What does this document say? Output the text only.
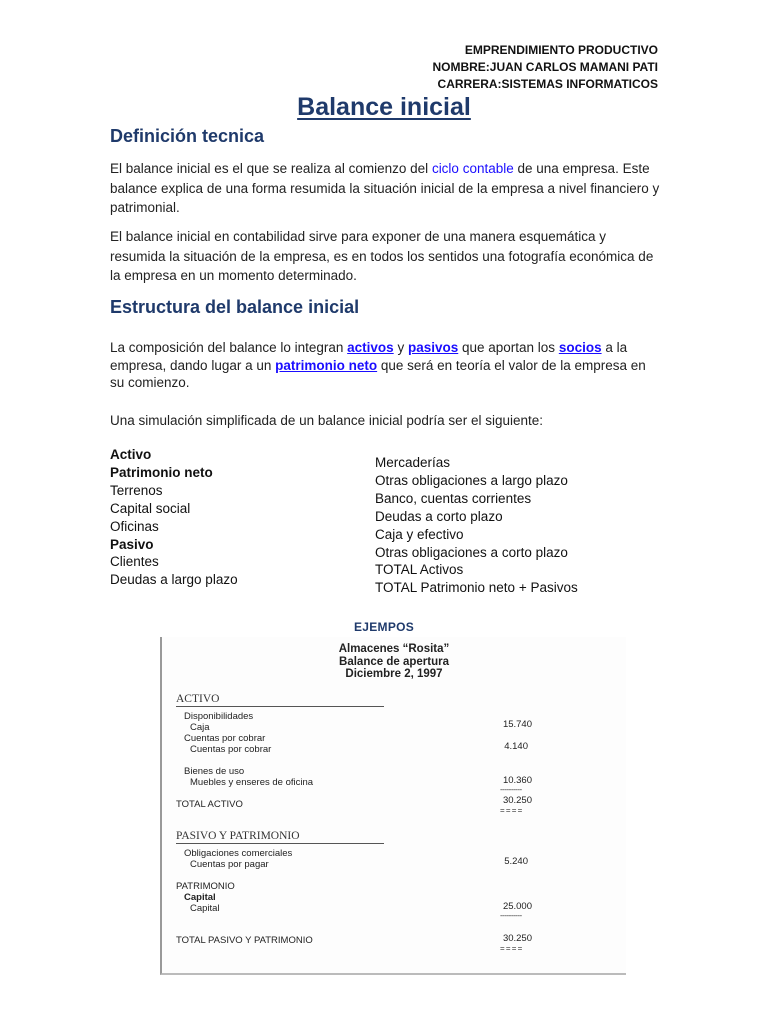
EMPRENDIMIENTO PRODUCTIVO
NOMBRE:JUAN CARLOS MAMANI PATI
CARRERA:SISTEMAS INFORMATICOS
Balance inicial
Definición tecnica
El balance inicial es el que se realiza al comienzo del ciclo contable de una empresa. Este balance explica de una forma resumida la situación inicial de la empresa a nivel financiero y patrimonial.
El balance inicial en contabilidad sirve para exponer de una manera esquemática y resumida la situación de la empresa, es en todos los sentidos una fotografía económica de la empresa en un momento determinado.
Estructura del balance inicial
La composición del balance lo integran activos y pasivos que aportan los socios a la empresa, dando lugar a un patrimonio neto que será en teoría el valor de la empresa en su comienzo.
Una simulación simplificada de un balance inicial podría ser el siguiente:
Activo
Patrimonio neto
Terrenos
Capital social
Oficinas
Pasivo
Clientes
Deudas a largo plazo
Mercaderías
Otras obligaciones a largo plazo
Banco, cuentas corrientes
Deudas a corto plazo
Caja y efectivo
Otras obligaciones a corto plazo
TOTAL Activos
TOTAL Patrimonio neto + Pasivos
EJEMPOS
Almacenes “Rosita”
Balance de apertura
Diciembre 2, 1997
ACTIVO
Disponibilidades
Caja	15.740
Cuentas por cobrar
Cuentas por cobrar	4.140
Bienes de uso
Muebles y enseres de oficina	10.360
----------
TOTAL ACTIVO	30.250
= = = =
PASIVO Y PATRIMONIO
Obligaciones comerciales
Cuentas por pagar	5.240
PATRIMONIO
Capital
Capital	25.000
----------
TOTAL PASIVO Y PATRIMONIO	30.250
= = = =
